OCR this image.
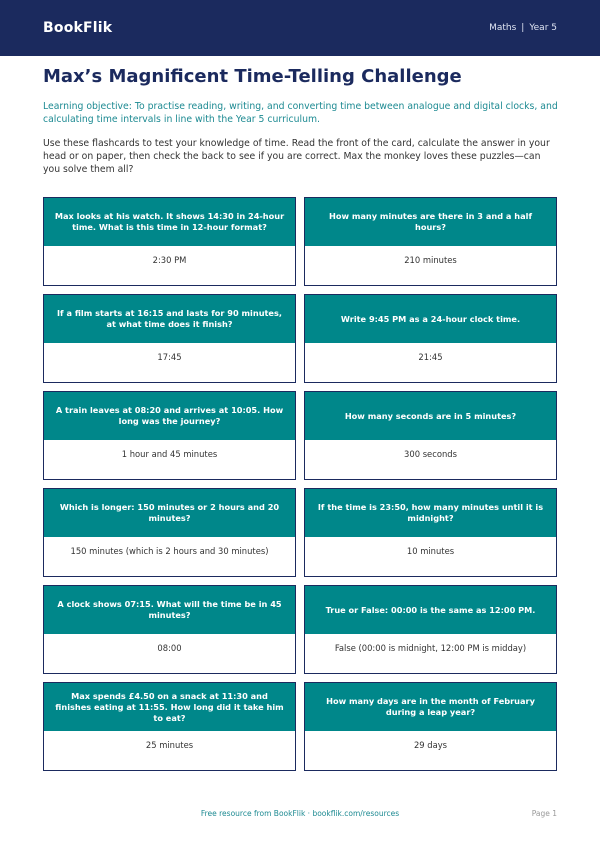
BookFlik	Maths | Year 5
Max’s Magnificent Time-Telling Challenge

Learning objective: To practise reading, writing, and converting time between analogue and digital clocks, and calculating time intervals in line with the Year 5 curriculum.

Use these flashcards to test your knowledge of time. Read the front of the card, calculate the answer in your head or on paper, then check the back to see if you are correct. Max the monkey loves these puzzles—can you solve them all?

Max looks at his watch. It shows 14:30 in 24-hour time. What is this time in 12-hour format?
2:30 PM
How many minutes are there in 3 and a half hours?
210 minutes
If a film starts at 16:15 and lasts for 90 minutes, at what time does it finish?
17:45
Write 9:45 PM as a 24-hour clock time.
21:45
A train leaves at 08:20 and arrives at 10:05. How long was the journey?
1 hour and 45 minutes
How many seconds are in 5 minutes?
300 seconds
Which is longer: 150 minutes or 2 hours and 20 minutes?
150 minutes (which is 2 hours and 30 minutes)
If the time is 23:50, how many minutes until it is midnight?
10 minutes
A clock shows 07:15. What will the time be in 45 minutes?
08:00
True or False: 00:00 is the same as 12:00 PM.
False (00:00 is midnight, 12:00 PM is midday)
Max spends £4.50 on a snack at 11:30 and finishes eating at 11:55. How long did it take him to eat?
25 minutes
How many days are in the month of February during a leap year?
29 days
Free resource from BookFlik · bookflik.com/resources	Page 1
